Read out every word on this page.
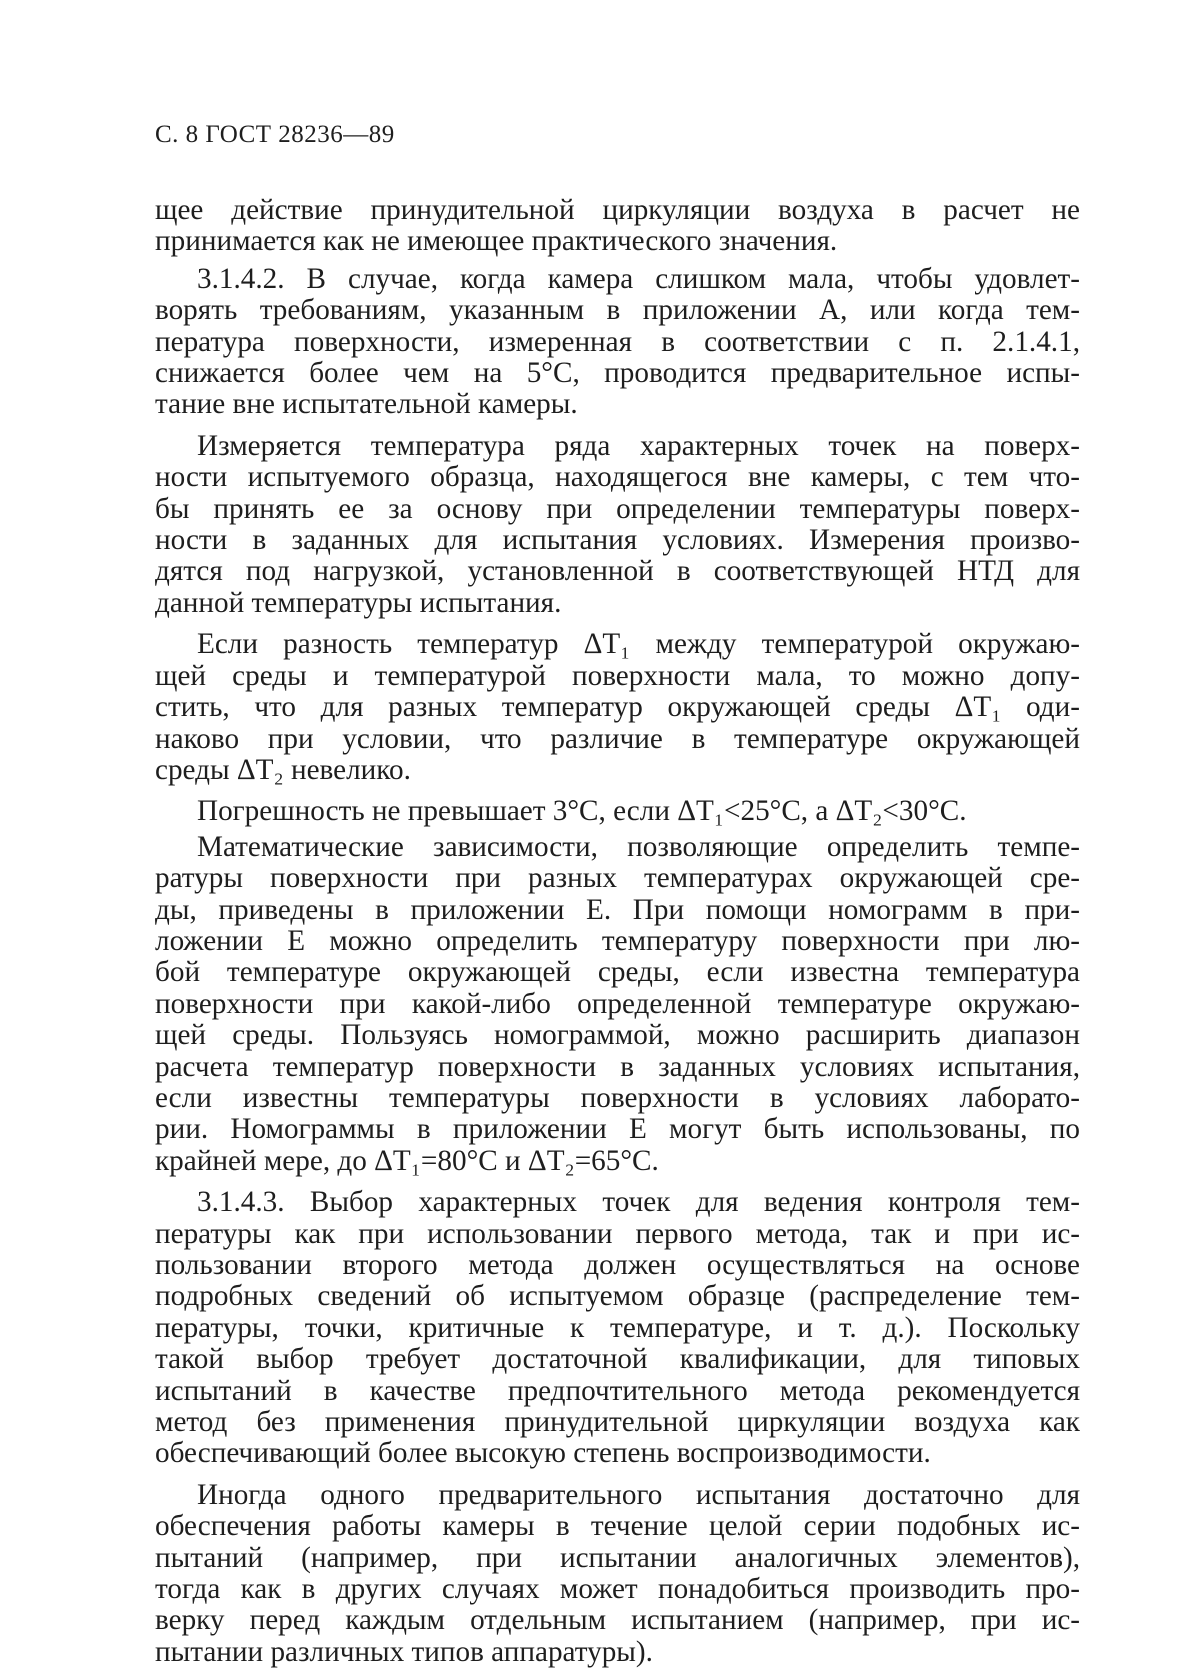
С. 8 ГОСТ 28236—89
щее действие принудительной циркуляции воздуха в расчет не
принимается как не имеющее практического значения.
3.1.4.2. В случае, когда камера слишком мала, чтобы удовлет-
ворять требованиям, указанным в приложении А, или когда тем-
пература поверхности, измеренная в соответствии с п. 2.1.4.1,
снижается более чем на 5°С, проводится предварительное испы-
тание вне испытательной камеры.
Измеряется температура ряда характерных точек на поверх-
ности испытуемого образца, находящегося вне камеры, с тем что-
бы принять ее за основу при определении температуры поверх-
ности в заданных для испытания условиях. Измерения произво-
дятся под нагрузкой, установленной в соответствующей НТД для
данной температуры испытания.
Если разность температур ΔT₁ между температурой окружаю-
щей среды и температурой поверхности мала, то можно допу-
стить, что для разных температур окружающей среды ΔT₁ оди-
наково при условии, что различие в температуре окружающей
среды ΔT₂ невелико.
Погрешность не превышает 3°С, если ΔT₁<25°С, а ΔT₂<30°С.
Математические зависимости, позволяющие определить темпе-
ратуры поверхности при разных температурах окружающей сре-
ды, приведены в приложении Е. При помощи номограмм в при-
ложении Е можно определить температуру поверхности при лю-
бой температуре окружающей среды, если известна температура
поверхности при какой-либо определенной температуре окружаю-
щей среды. Пользуясь номограммой, можно расширить диапазон
расчета температур поверхности в заданных условиях испытания,
если известны температуры поверхности в условиях лаборато-
рии. Номограммы в приложении Е могут быть использованы, по
крайней мере, до ΔT₁=80°С и ΔT₂=65°С.
3.1.4.3. Выбор характерных точек для ведения контроля тем-
пературы как при использовании первого метода, так и при ис-
пользовании второго метода должен осуществляться на основе
подробных сведений об испытуемом образце (распределение тем-
пературы, точки, критичные к температуре, и т. д.). Поскольку
такой выбор требует достаточной квалификации, для типовых
испытаний в качестве предпочтительного метода рекомендуется
метод без применения принудительной циркуляции воздуха как
обеспечивающий более высокую степень воспроизводимости.
Иногда одного предварительного испытания достаточно для
обеспечения работы камеры в течение целой серии подобных ис-
пытаний (например, при испытании аналогичных элементов),
тогда как в других случаях может понадобиться производить про-
верку перед каждым отдельным испытанием (например, при ис-
пытании различных типов аппаратуры).
